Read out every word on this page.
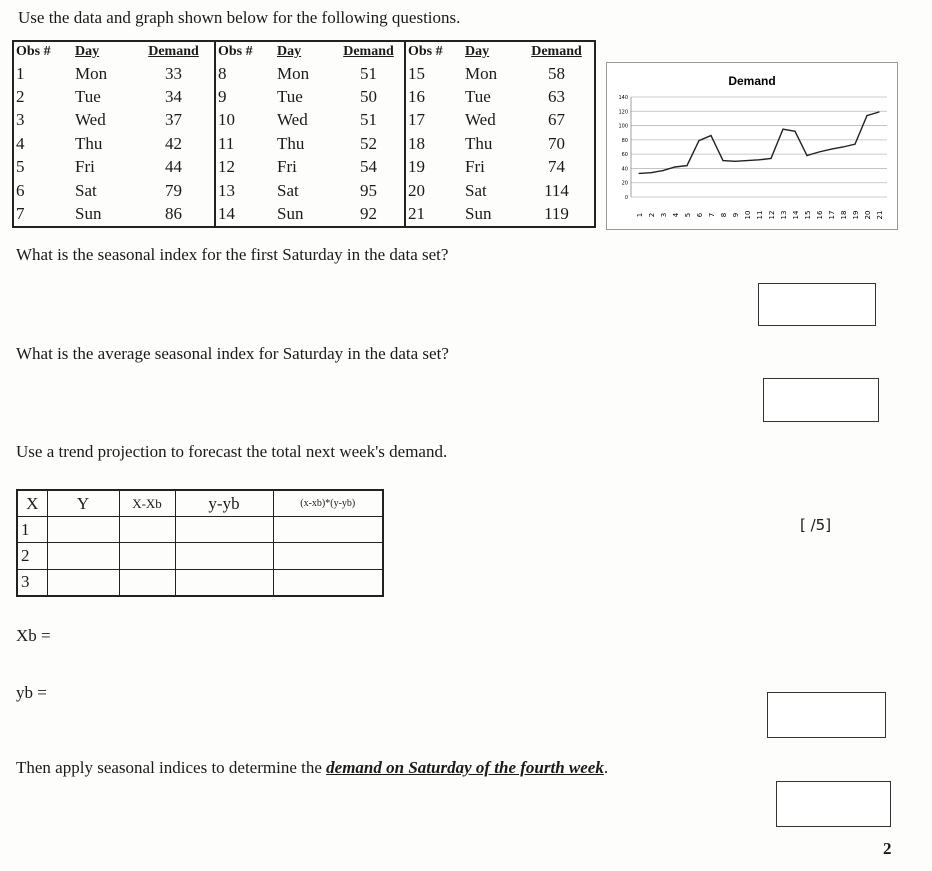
Use the data and graph shown below for the following questions.
Obs #	Day	Demand	Obs #	Day	Demand	Obs #	Day	Demand
1	Mon	33	8	Mon	51	15	Mon	58
2	Tue	34	9	Tue	50	16	Tue	63
3	Wed	37	10	Wed	51	17	Wed	67
4	Thu	42	11	Thu	52	18	Thu	70
5	Fri	44	12	Fri	54	19	Fri	74
6	Sat	79	13	Sat	95	20	Sat	114
7	Sun	86	14	Sun	92	21	Sun	119
Demand
140
120
100
80
60
40
20
0
1 2 3 4 5 6 7 8 9 10 11 12 13 14 15 16 17 18 19 20 21
What is the seasonal index for the first Saturday in the data set?
What is the average seasonal index for Saturday in the data set?
Use a trend projection to forecast the total next week's demand.
X	Y	X-Xb	y-yb	(x-xb)*(y-yb)
1				
2				
3				
[ /5]
Xb =
yb =
Then apply seasonal indices to determine the demand on Saturday of the fourth week.
2
